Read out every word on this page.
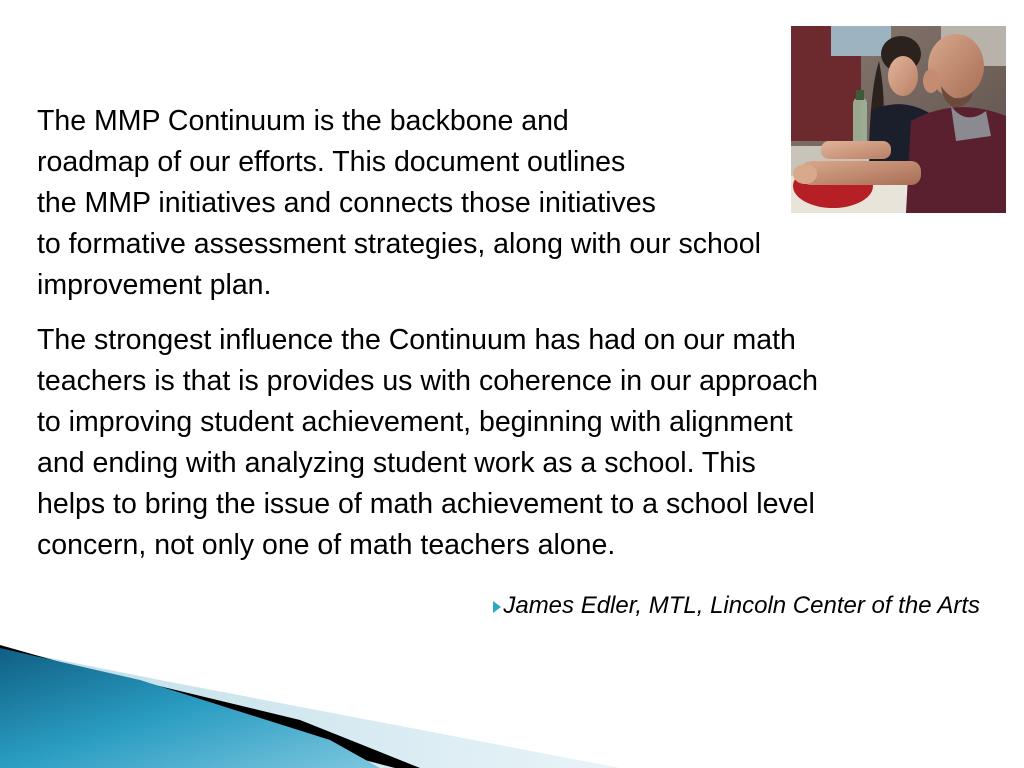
The MMP Continuum is the backbone and
roadmap of our efforts. This document outlines
the MMP initiatives and connects those initiatives
to formative assessment strategies, along with our school
improvement plan.
The strongest influence the Continuum has had on our math
teachers is that is provides us with coherence in our approach
to improving student achievement, beginning with alignment
and ending with analyzing student work as a school. This
helps to bring the issue of math achievement to a school level
concern, not only one of math teachers alone.
James Edler, MTL, Lincoln Center of the Arts
